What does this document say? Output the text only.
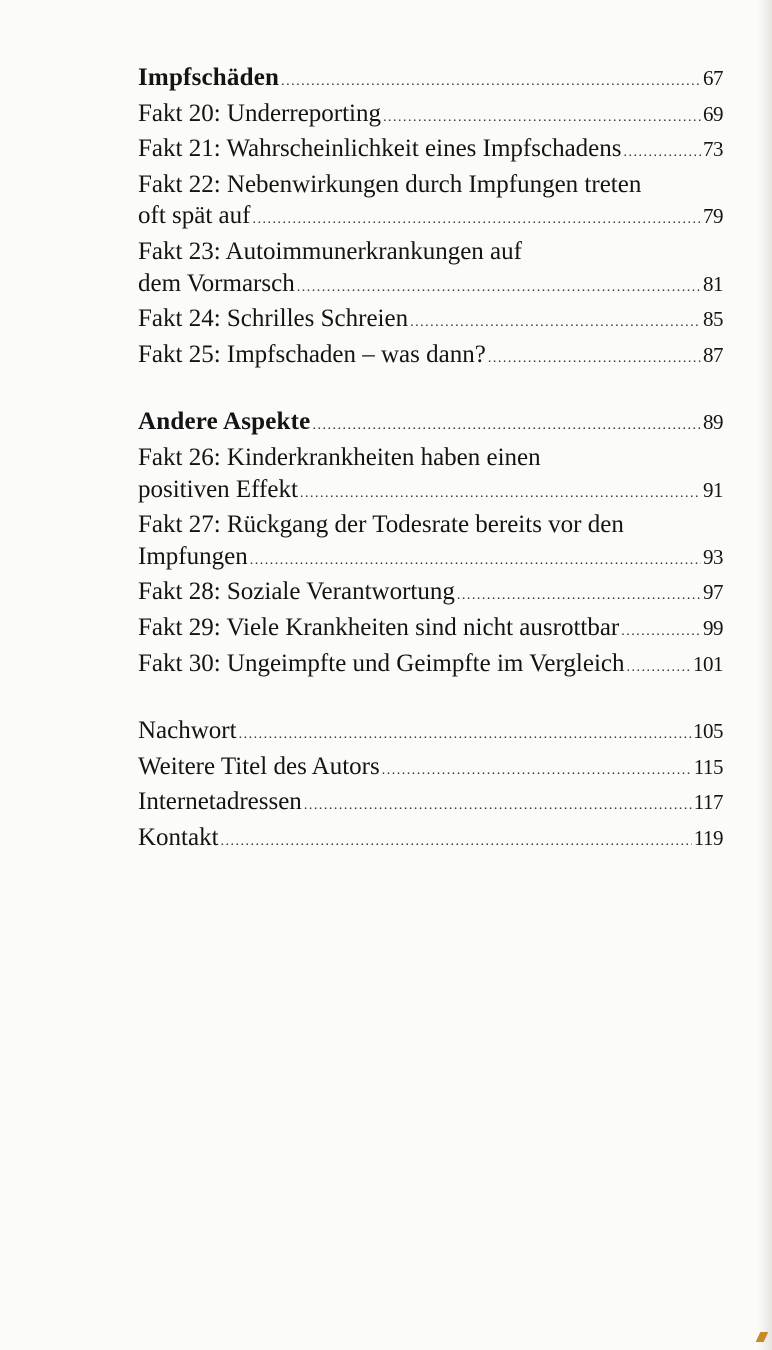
Impfschäden . . .	67
Fakt 20: Underreporting . . .	69
Fakt 21: Wahrscheinlichkeit eines Impfschadens . . .	73
Fakt 22: Nebenwirkungen durch Impfungen treten
oft spät auf . . .	79
Fakt 23: Autoimmunerkrankungen auf
dem Vormarsch . . .	81
Fakt 24: Schrilles Schreien . . .	85
Fakt 25: Impfschaden – was dann? . . .	87
Andere Aspekte . . .	89
Fakt 26: Kinderkrankheiten haben einen
positiven Effekt . . .	91
Fakt 27: Rückgang der Todesrate bereits vor den
Impfungen . . .	93
Fakt 28: Soziale Verantwortung . . .	97
Fakt 29: Viele Krankheiten sind nicht ausrottbar . . .	99
Fakt 30: Ungeimpfte und Geimpfte im Vergleich . . .	101
Nachwort . . .	105
Weitere Titel des Autors . . .	115
Internetadressen . . .	117
Kontakt . . .	119
